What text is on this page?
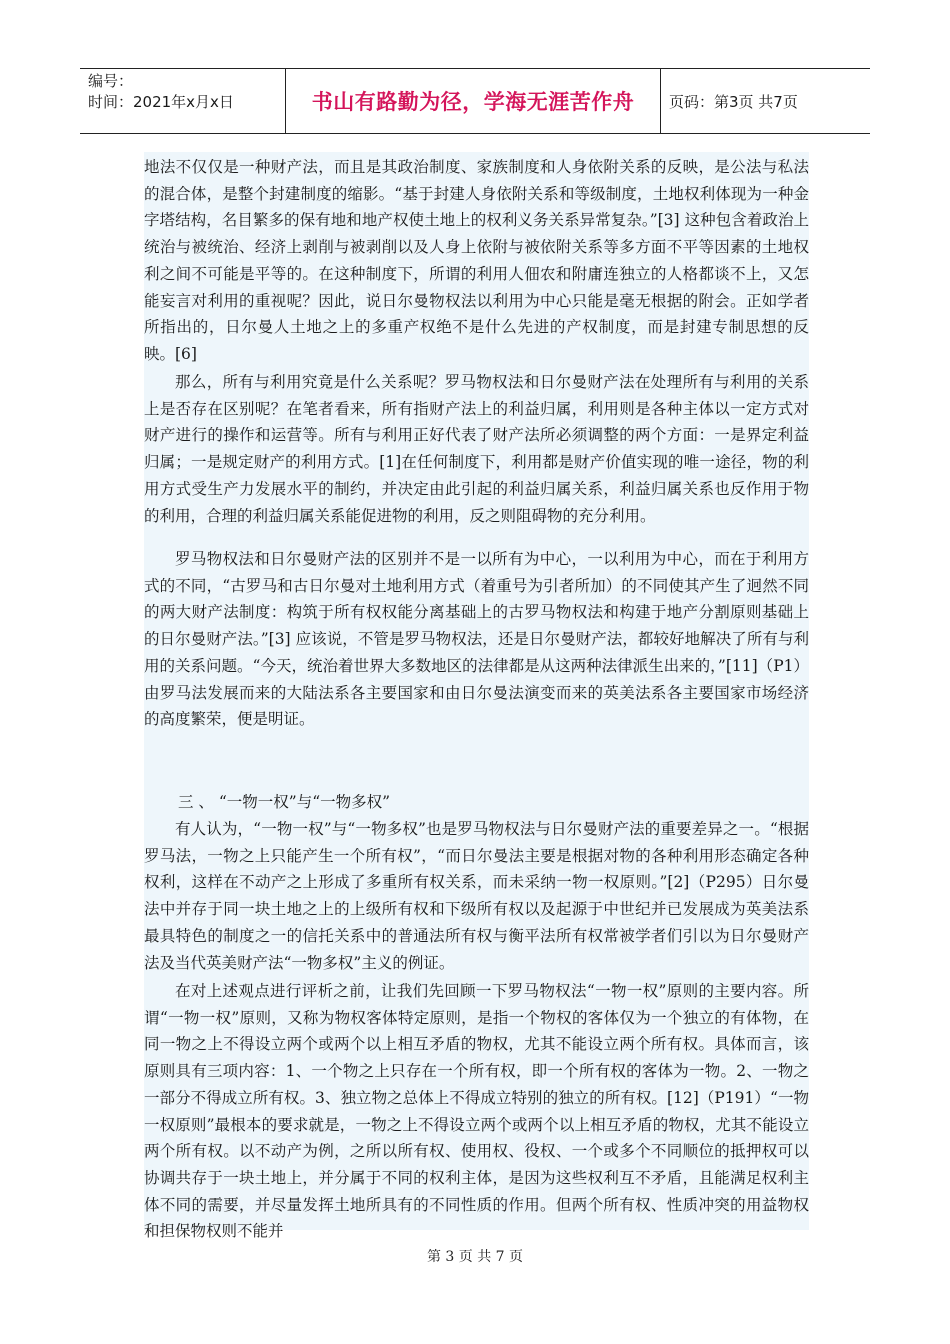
编号：
时间：2021年x月x日	书山有路勤为径，学海无涯苦作舟 页码：第3页 共7页

地法不仅仅是一种财产法，而且是其政治制度、家族制度和人身依附关系的反映，是公法与私法的混合体，是整个封建制度的缩影。“基于封建人身依附关系和等级制度，土地权利体现为一种金字塔结构，名目繁多的保有地和地产权使土地上的权利义务关系异常复杂。”[3] 这种包含着政治上统治与被统治、经济上剥削与被剥削以及人身上依附与被依附关系等多方面不平等因素的土地权利之间不可能是平等的。在这种制度下，所谓的利用人佃农和附庸连独立的人格都谈不上，又怎能妄言对利用的重视呢？因此，说日尔曼物权法以利用为中心只能是毫无根据的附会。正如学者所指出的，日尔曼人土地之上的多重产权绝不是什么先进的产权制度，而是封建专制思想的反映。[6]

那么，所有与利用究竟是什么关系呢？罗马物权法和日尔曼财产法在处理所有与利用的关系上是否存在区别呢？在笔者看来，所有指财产法上的利益归属，利用则是各种主体以一定方式对财产进行的操作和运营等。所有与利用正好代表了财产法所必须调整的两个方面：一是界定利益归属；一是规定财产的利用方式。[1]在任何制度下，利用都是财产价值实现的唯一途径，物的利用方式受生产力发展水平的制约，并决定由此引起的利益归属关系，利益归属关系也反作用于物的利用，合理的利益归属关系能促进物的利用，反之则阻碍物的充分利用。

罗马物权法和日尔曼财产法的区别并不是一以所有为中心，一以利用为中心，而在于利用方式的不同，“古罗马和古日尔曼对土地利用方式（着重号为引者所加）的不同使其产生了迥然不同的两大财产法制度：构筑于所有权权能分离基础上的古罗马物权法和构建于地产分割原则基础上的日尔曼财产法。”[3] 应该说，不管是罗马物权法，还是日尔曼财产法，都较好地解决了所有与利用的关系问题。“今天，统治着世界大多数地区的法律都是从这两种法律派生出来的，”[11]（P1） 由罗马法发展而来的大陆法系各主要国家和由日尔曼法演变而来的英美法系各主要国家市场经济的高度繁荣，便是明证。

三 、 “一物一权”与“一物多权”

有人认为，“一物一权”与“一物多权”也是罗马物权法与日尔曼财产法的重要差异之一。“根据罗马法，一物之上只能产生一个所有权”，“而日尔曼法主要是根据对物的各种利用形态确定各种权利，这样在不动产之上形成了多重所有权关系，而未采纳一物一权原则。”[2]（P295）日尔曼法中并存于同一块土地之上的上级所有权和下级所有权以及起源于中世纪并已发展成为英美法系最具特色的制度之一的信托关系中的普通法所有权与衡平法所有权常被学者们引以为日尔曼财产法及当代英美财产法“一物多权”主义的例证。

在对上述观点进行评析之前，让我们先回顾一下罗马物权法“一物一权”原则的主要内容。所谓“一物一权”原则，又称为物权客体特定原则，是指一个物权的客体仅为一个独立的有体物，在同一物之上不得设立两个或两个以上相互矛盾的物权，尤其不能设立两个所有权。具体而言，该原则具有三项内容：1、一个物之上只存在一个所有权，即一个所有权的客体为一物。2、一物之一部分不得成立所有权。3、独立物之总体上不得成立特别的独立的所有权。[12]（P191）“一物一权原则”最根本的要求就是，一物之上不得设立两个或两个以上相互矛盾的物权，尤其不能设立两个所有权。以不动产为例，之所以所有权、使用权、役权、一个或多个不同顺位的抵押权可以协调共存于一块土地上，并分属于不同的权利主体，是因为这些权利互不矛盾，且能满足权利主体不同的需要，并尽量发挥土地所具有的不同性质的作用。但两个所有权、性质冲突的用益物权和担保物权则不能并

第 3 页 共 7 页
